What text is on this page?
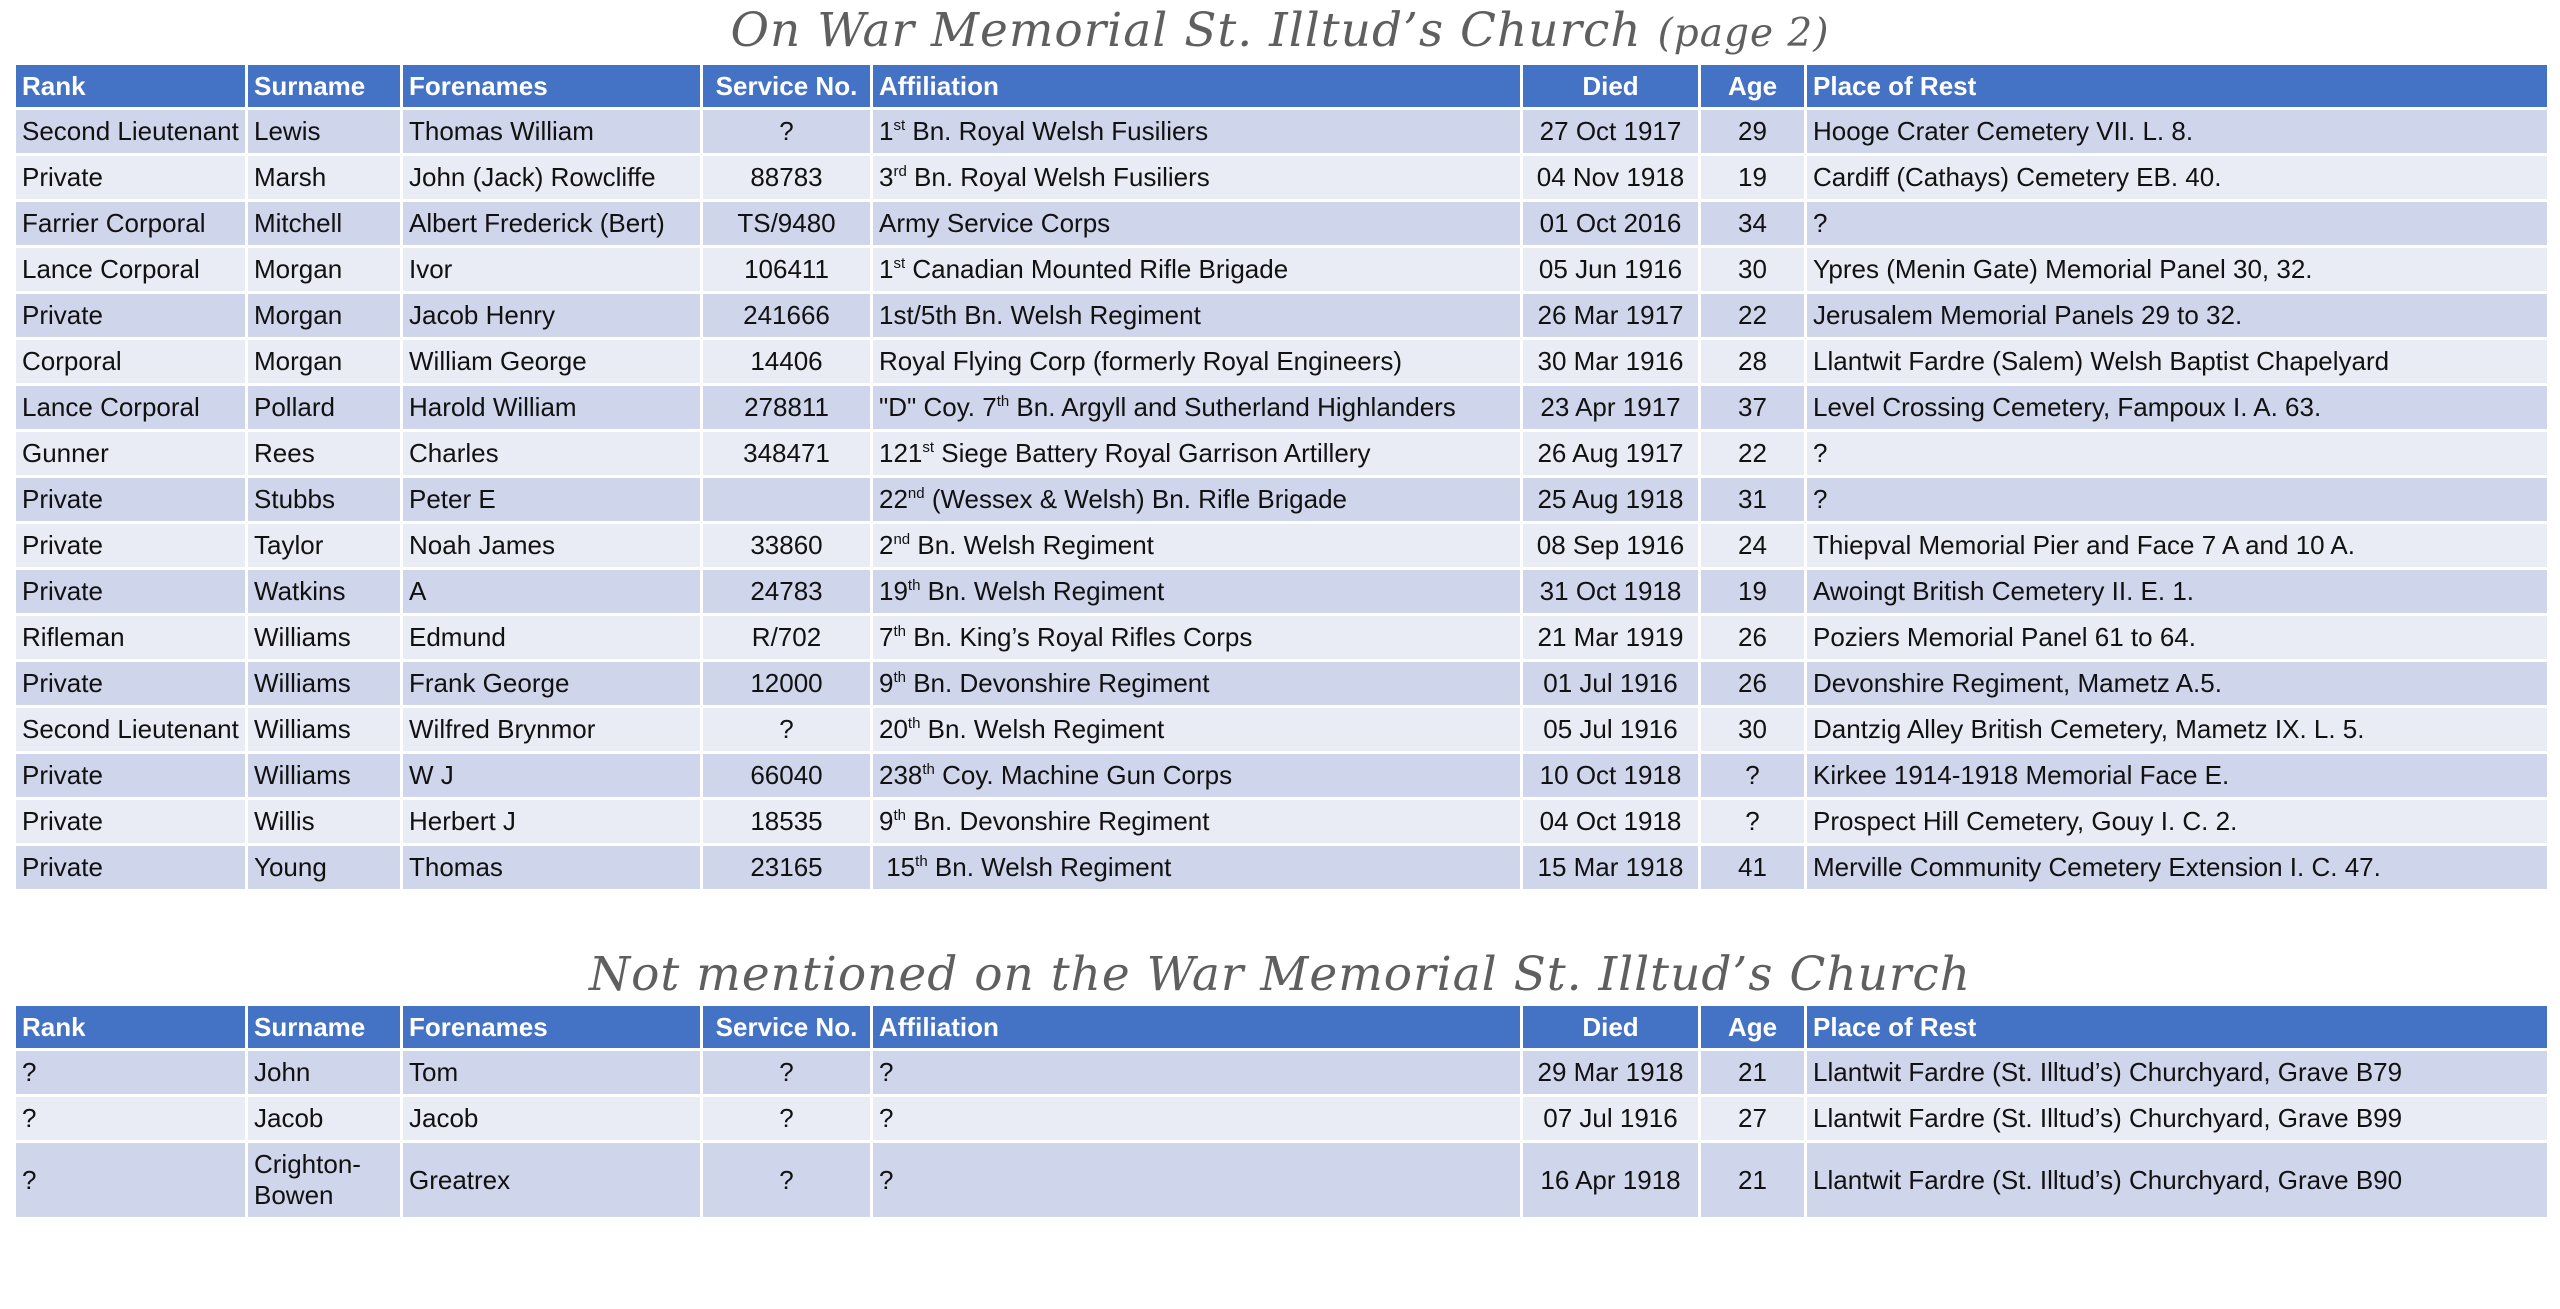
On War Memorial St. Illtud’s Church (page 2)
Rank	Surname	Forenames	Service No.	Affiliation	Died	Age	Place of Rest
Second Lieutenant	Lewis	Thomas William	?	1st Bn. Royal Welsh Fusiliers	27 Oct 1917	29	Hooge Crater Cemetery VII. L. 8.
Private	Marsh	John (Jack) Rowcliffe	88783	3rd Bn. Royal Welsh Fusiliers	04 Nov 1918	19	Cardiff (Cathays) Cemetery EB. 40.
Farrier Corporal	Mitchell	Albert Frederick (Bert)	TS/9480	Army Service Corps	01 Oct 2016	34	?
Lance Corporal	Morgan	Ivor	106411	1st Canadian Mounted Rifle Brigade	05 Jun 1916	30	Ypres (Menin Gate) Memorial Panel 30, 32.
Private	Morgan	Jacob Henry	241666	1st/5th Bn. Welsh Regiment	26 Mar 1917	22	Jerusalem Memorial Panels 29 to 32.
Corporal	Morgan	William George	14406	Royal Flying Corp (formerly Royal Engineers)	30 Mar 1916	28	Llantwit Fardre (Salem) Welsh Baptist Chapelyard
Lance Corporal	Pollard	Harold William	278811	"D" Coy. 7th Bn. Argyll and Sutherland Highlanders	23 Apr 1917	37	Level Crossing Cemetery, Fampoux I. A. 63.
Gunner	Rees	Charles	348471	121st Siege Battery Royal Garrison Artillery	26 Aug 1917	22	?
Private	Stubbs	Peter E		22nd (Wessex & Welsh) Bn. Rifle Brigade	25 Aug 1918	31	?
Private	Taylor	Noah James	33860	2nd Bn. Welsh Regiment	08 Sep 1916	24	Thiepval Memorial Pier and Face 7 A and 10 A.
Private	Watkins	A	24783	19th Bn. Welsh Regiment	31 Oct 1918	19	Awoingt British Cemetery II. E. 1.
Rifleman	Williams	Edmund	R/702	7th Bn. King’s Royal Rifles Corps	21 Mar 1919	26	Poziers Memorial Panel 61 to 64.
Private	Williams	Frank George	12000	9th Bn. Devonshire Regiment	01 Jul 1916	26	Devonshire Regiment, Mametz A.5.
Second Lieutenant	Williams	Wilfred Brynmor	?	20th Bn. Welsh Regiment	05 Jul 1916	30	Dantzig Alley British Cemetery, Mametz IX. L. 5.
Private	Williams	W J	66040	238th Coy. Machine Gun Corps	10 Oct 1918	?	Kirkee 1914-1918 Memorial Face E.
Private	Willis	Herbert J	18535	9th Bn. Devonshire Regiment	04 Oct 1918	?	Prospect Hill Cemetery, Gouy I. C. 2.
Private	Young	Thomas	23165	15th Bn. Welsh Regiment	15 Mar 1918	41	Merville Community Cemetery Extension I. C. 47.
Not mentioned on the War Memorial St. Illtud’s Church
Rank	Surname	Forenames	Service No.	Affiliation	Died	Age	Place of Rest
?	John	Tom	?	?	29 Mar 1918	21	Llantwit Fardre (St. Illtud’s) Churchyard, Grave B79
?	Jacob	Jacob	?	?	07 Jul 1916	27	Llantwit Fardre (St. Illtud’s) Churchyard, Grave B99
?	Crighton-Bowen	Greatrex	?	?	16 Apr 1918	21	Llantwit Fardre (St. Illtud’s) Churchyard, Grave B90
